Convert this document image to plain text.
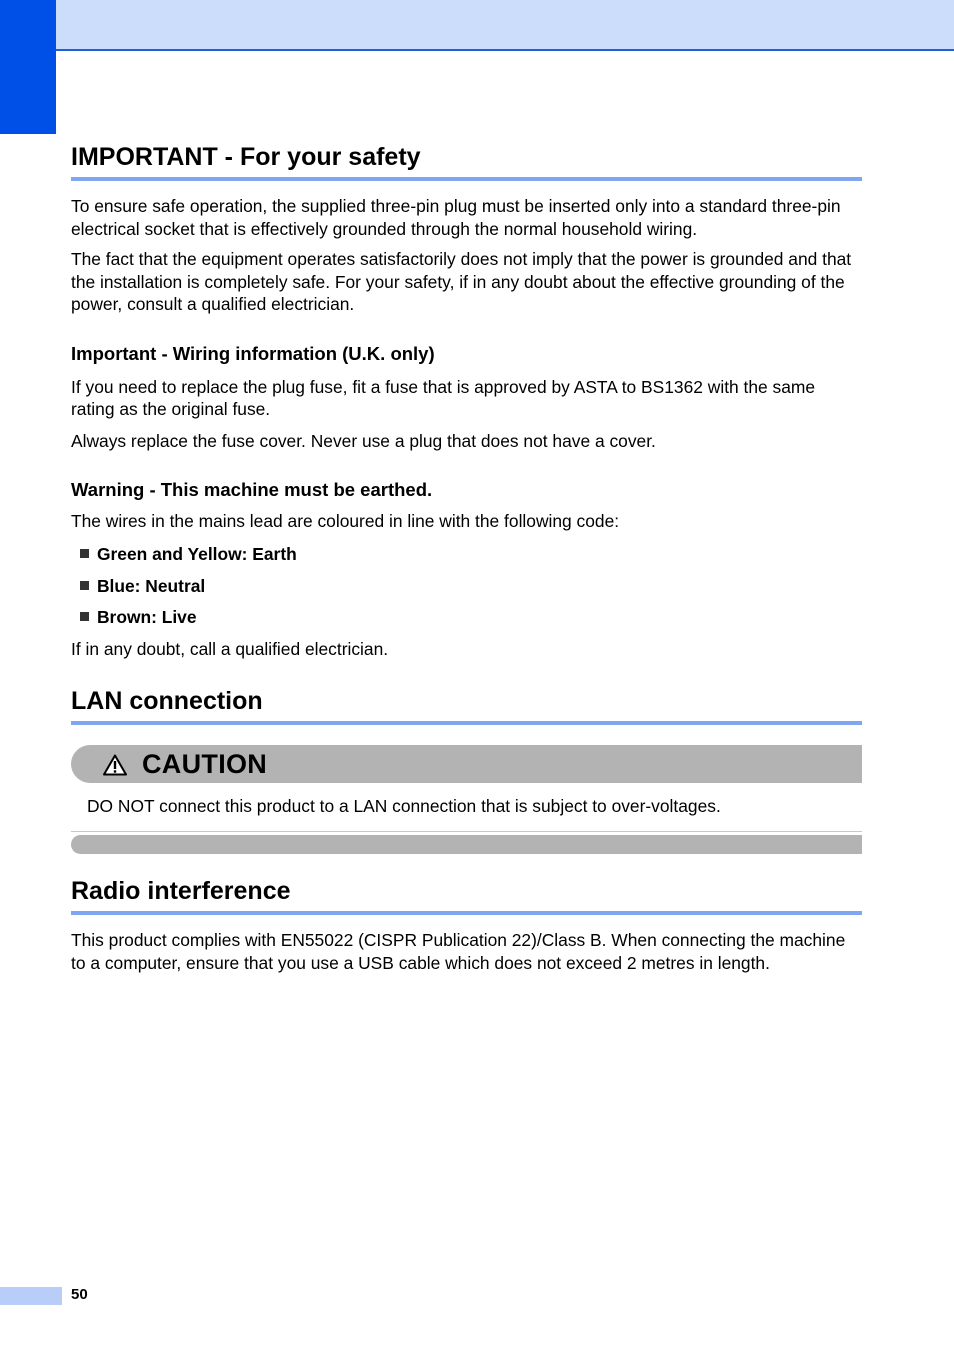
IMPORTANT - For your safety

To ensure safe operation, the supplied three-pin plug must be inserted only into a standard three-pin electrical socket that is effectively grounded through the normal household wiring.

The fact that the equipment operates satisfactorily does not imply that the power is grounded and that the installation is completely safe. For your safety, if in any doubt about the effective grounding of the power, consult a qualified electrician.

Important - Wiring information (U.K. only)

If you need to replace the plug fuse, fit a fuse that is approved by ASTA to BS1362 with the same rating as the original fuse.

Always replace the fuse cover. Never use a plug that does not have a cover.

Warning - This machine must be earthed.

The wires in the mains lead are coloured in line with the following code:

Green and Yellow: Earth
Blue: Neutral
Brown: Live

If in any doubt, call a qualified electrician.

LAN connection
CAUTION
DO NOT connect this product to a LAN connection that is subject to over-voltages.
Radio interference

This product complies with EN55022 (CISPR Publication 22)/Class B. When connecting the machine to a computer, ensure that you use a USB cable which does not exceed 2 metres in length.

50
